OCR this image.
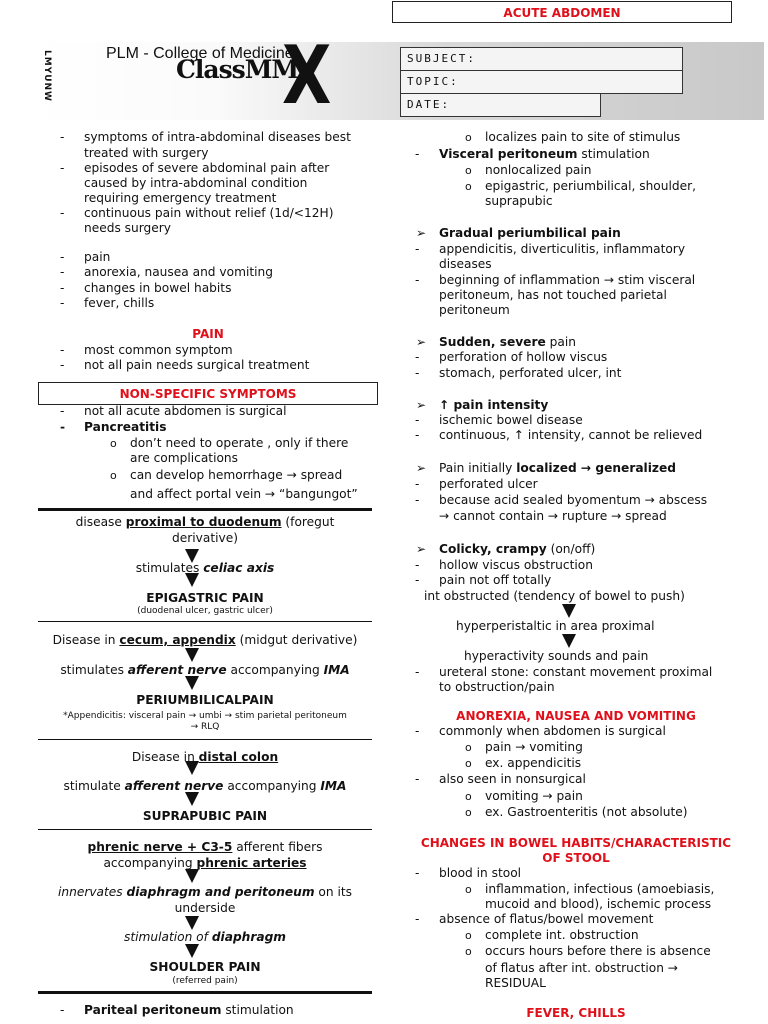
ACUTE ABDOMEN
LMYUNW	PLM - College of Medicine
ClassMM
X	SUBJECT:
TOPIC:
DATE:
- symptoms of intra-abdominal diseases best
treated with surgery
- episodes of severe abdominal pain after
caused by intra-abdominal condition
requiring emergency treatment
- continuous pain without relief (1d/<12H)
needs surgery
- pain
- anorexia, nausea and vomiting
- changes in bowel habits
- fever, chills
PAIN
- most common symptom
- not all pain needs surgical treatment
NON-SPECIFIC SYMPTOMS
- not all acute abdomen is surgical
- Pancreatitis
o don’t need to operate , only if there
are complications
o can develop hemorrhage → spread
and affect portal vein → “bangungot”
disease proximal to duodenum (foregut
derivative)
stimulates celiac axis
EPIGASTRIC PAIN
(duodenal ulcer, gastric ulcer)
Disease in cecum, appendix (midgut derivative)
stimulates afferent nerve accompanying IMA
PERIUMBILICALPAIN
*Appendicitis: visceral pain → umbi → stim parietal peritoneum
→ RLQ
Disease in distal colon
stimulate afferent nerve accompanying IMA
SUPRAPUBIC PAIN
phrenic nerve + C3-5 afferent fibers
accompanying phrenic arteries
innervates diaphragm and peritoneum on its
underside
stimulation of diaphragm
SHOULDER PAIN
(referred pain)
- Pariteal peritoneum stimulation
o localizes pain to site of stimulus
- Visceral peritoneum stimulation
o nonlocalized pain
o epigastric, periumbilical, shoulder,
suprapubic
➢ Gradual periumbilical pain
- appendicitis, diverticulitis, inflammatory
diseases
- beginning of inflammation → stim visceral
peritoneum, has not touched parietal
peritoneum
➢ Sudden, severe pain
- perforation of hollow viscus
- stomach, perforated ulcer, int
➢ ↑ pain intensity
- ischemic bowel disease
- continuous, ↑ intensity, cannot be relieved
➢ Pain initially localized → generalized
- perforated ulcer
- because acid sealed byomentum → abscess
→ cannot contain → rupture → spread
➢ Colicky, crampy (on/off)
- hollow viscus obstruction
- pain not off totally
int obstructed (tendency of bowel to push)
hyperperistaltic in area proximal
hyperactivity sounds and pain
- ureteral stone: constant movement proximal
to obstruction/pain
ANOREXIA, NAUSEA AND VOMITING
- commonly when abdomen is surgical
o pain → vomiting
o ex. appendicitis
- also seen in nonsurgical
o vomiting → pain
o ex. Gastroenteritis (not absolute)
CHANGES IN BOWEL HABITS/CHARACTERISTIC
OF STOOL
- blood in stool
o inflammation, infectious (amoebiasis,
mucoid and blood), ischemic process
- absence of flatus/bowel movement
o complete int. obstruction
o occurs hours before there is absence
of flatus after int. obstruction →
RESIDUAL
FEVER, CHILLS
